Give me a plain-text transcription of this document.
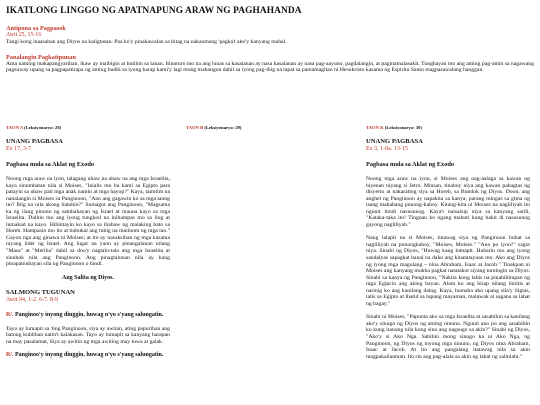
IKATLONG LINGGO NG APATNAPUNG ARAW NG PAGHAHANDA
Antipona sa Pagpasok
Awit 25, 15-16

Tangi kong inaasahan ang Diyos na kaligtasan. Paa ko'y pinakawalan sa bitag na nakaumang 'pagka't ako'y kanyang mahal.

Panalangin Pagkatipunan

Ama naming makapangyarihan, ikaw ay maibigin at butihin sa tanan. Itinuturo mo na ang lunas sa kasalanan ay nasa kasalanan ay nasa pag-aayuno, pagdalangin, at pagmamalasakit. Tunghayan mo ang aming pag-amin sa nagawang pagsuway upang sa pagpapatirapa ng aming budhi sa iyong harap kami'y lagi mong mabangon dahil sa iyong pag-ibig na tapat sa pamamagitan ni Hesukristo kasama ng Espiritu Santo magpasawalang hanggan.

TAON A (Leksiyonaryo: 28)
UNANG PAGBASA
Ex 17, 3-7
Pagbasa mula sa Aklat ng Exodo

Noong mga araw na iyon, talagang uhaw na uhaw na ang mga Israelita, kaya sinumbatan nila si Moises, "Inialis mo ba kami sa Egipto para patayin sa uhaw pati mga anak namin at mga hayop?" Kaya, taimtim na nanalangin si Moises sa Panginoon, "Ano ang gagawin ko sa mga taong ito? Ibig na nila akong batuhin?" Sumagot ang Panginoon, "Magsama ka ng ilang pinuno ng sambahayan ng Israel at mauna kayo sa mga Israelita. Dalhin mo ang iyong tungkod na inihampas mo sa ilog at lumakad na kayo. Hihintayin ko kayo sa ibabaw ng malaking bato sa Horeb. Hampasin mo ito at bubukal ang tubig na maiinom ng mga tao." Gayon nga ang ginawa ni Moises; at ito ay nasaksihan ng mga kasama niyang lider ng Israel. Ang lugar na yaon ay pinangalanan nilang "Masa" at "Meriba" dahil sa doo'y nagtalu-talo ang mga Israelita at sinubok nila ang Panginoon. Ang pinagtalunan nila ay kung pinapatnubayan sila ng Panginoon o hindi.

Ang Salita ng Diyos.
SALMONG TUGUNAN
Awit 94, 1-2. 6-7. 8-9
R/. Panginoo'y inyong dinggin, huwag n'yo s'yang salungatin.

Tayo ay lumapit sa 'ting Panginoon, siya ay awitan, ating papurihan ang batong kublihan natin't kalakasan. Tayo ay lumapit sa kanyang harapan na may pasalamat, Siya ay awitin ng mga awiting may tuwa at galak.

R/. Panginoo'y inyong dinggin, huwag n'yo s'yang salungatin.
TAON B (Leksiyonaryo: 29)	TAON K (Leksiyonaryo: 30)
UNANG PAGBASA
Ex 3, 1-8a. 13-15
Pagbasa mula sa Aklat ng Exodo

Noong mga araw na iyon, si Moises ang nag-aalaga sa kawan ng biyenan niyang si Jetro. Minsan, tinaboy niya ang kawan pabagtas ng disyerto at nakarating siya sa Horeb, sa Bundok ng Diyos. Doon, ang anghel ng Panginoon ay napakita sa kanya, parang mingas sa gitna ng isang mababang punong-kahoy. Kitang-kita ni Moises na nagliliyab ito ngunit hindi nasusunog. Kaya't naisaisip niya sa kanyang sarili, "Kataka-taka ito! Tingnan ko ngang mabuti kung bakit di nasusunog gayong nagliliyab."

Nang lalapit na si Moises, tinawag siya ng Panginoon buhat sa nagliliyab na punongkahoy, "Moises, Moises." "Ano po iyon?" sagot niya. Sinabi ng Diyos, "Huwag kang lumapit. Hubarin mo ang iyong sandalyas sapagkat banal na dako ang kinatatayuan mo. Ako ang Diyos ng iyong mga magulang – nina Abraham, Isaac at Jacob." Tinakpan ni Moises ang kanyang mukha pagkat natatakot siyang tumingin sa Diyos. Sinabi sa kanya ng Panginoon, "Nakita kong labis na pinahihirapan ng mga Egipcio ang aking bayan. Alam ko ang hirap nilang tiniitis at narinig ko ang kanilang daing. Kaya, bumaba ako upang sila'y iligtas, ialis sa Egipto at ihatid sa lupang mayaman, malawak at sagana sa lahat ng bagay."

Sinabi ni Moises, "Papunta ako sa mga Israelita at sasabihin sa kanilang ako'y sinugo ng Diyos ng aming ninuno. Ngunit ano po ang sasabihin ko kung itanong nila kung sino ang nagsugo sa akin?" Sinabi ng Diyos, "Ako'y si Ako Nga. Sabihin mong sinugo ka ni Ako Nga, ng Panginoon, ng Diyos ng inyong mga ninuno, ng Diyos nina Abraham, Isaac at Jacob. At ito ang pangalang itatawag nila sa akin magpakailanman. Ito rin ang pag-alala sa akin ng lahat ng salinlahi."
